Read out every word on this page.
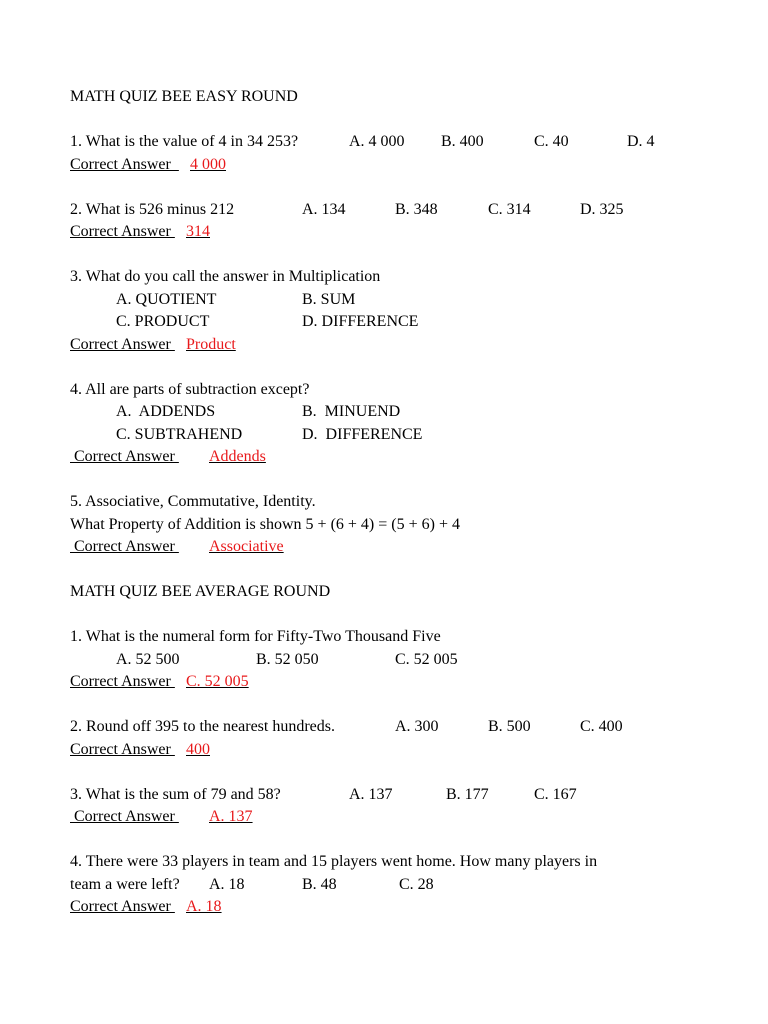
MATH QUIZ BEE EASY ROUND

1. What is the value of 4 in 34 253?

	A. 4 000

B. 400

	C. 40

	D. 4

Correct Answer

4 000

2. What is 526 minus 212

	A. 134

	B. 348

	C. 314

	D. 325

Correct Answer

314

3. What do you call the answer in Multiplication

A. QUOTIENT

	B. SUM

C. PRODUCT

	D. DIFFERENCE

Correct Answer

Product

4. All are parts of subtraction except?

A.  ADDENDS

	B.  MINUEND

C. SUBTRAHEND

	D.  DIFFERENCE

Correct Answer

Addends

5. Associative, Commutative, Identity.
What Property of Addition is shown 5 + (6 + 4) = (5 + 6) + 4

Correct Answer

Associative

MATH QUIZ BEE AVERAGE ROUND
1. What is the numeral form for Fifty-Two Thousand Five

A. 52 500

	B. 52 050

	C. 52 005

Correct Answer

C. 52 005

2. Round off 395 to the nearest hundreds.

	A. 300

	B. 500

	C. 400

Correct Answer

400

3. What is the sum of 79 and 58?

	A. 137

	B. 177

	C. 167

Correct Answer

A. 137

4. There were 33 players in team and 15 players went home. How many players in

team a were left?

A. 18

	B. 48

	C. 28

Correct Answer

A. 18
